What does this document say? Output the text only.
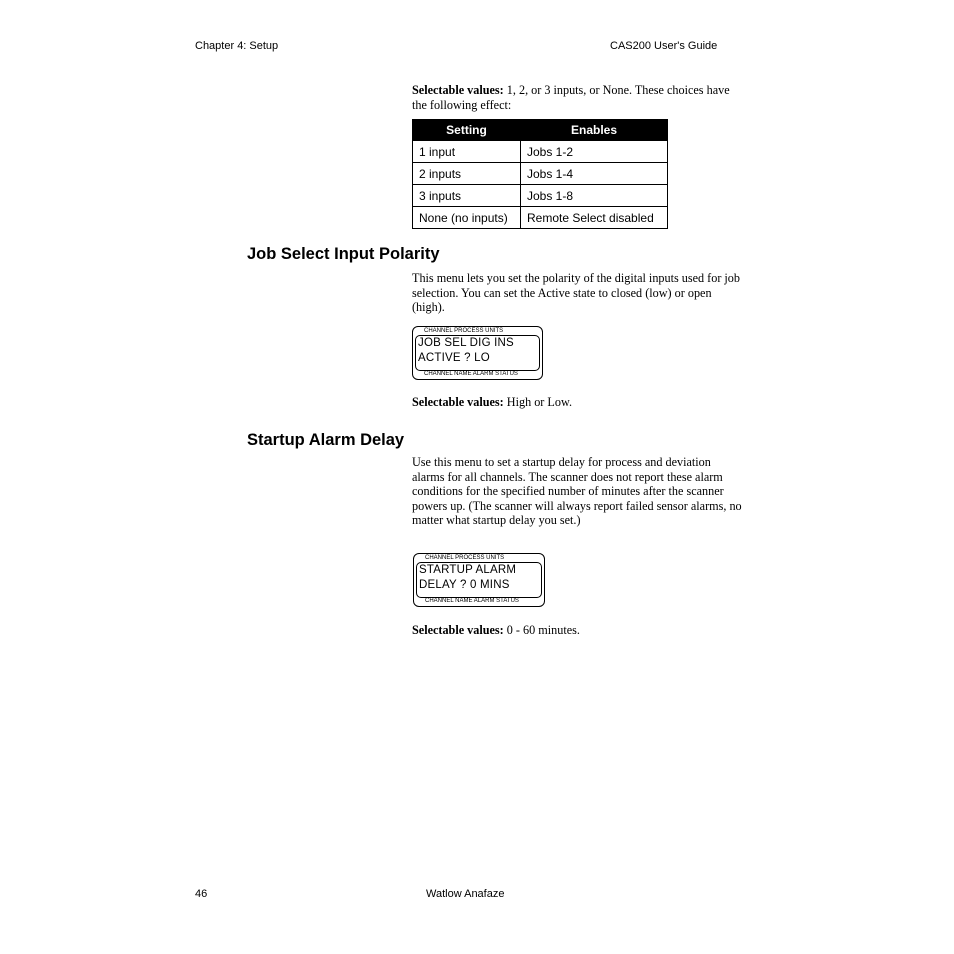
Chapter 4: Setup	CAS200 User's Guide
Selectable values: 1, 2, or 3 inputs, or None. These choices have the following effect:
Setting	Enables
1 input	Jobs 1-2
2 inputs	Jobs 1-4
3 inputs	Jobs 1-8
None (no inputs)	Remote Select disabled
Job Select Input Polarity
This menu lets you set the polarity of the digital inputs used for job selection. You can set the Active state to closed (low) or open (high).
CHANNEL PROCESS UNITS
JOB SEL DIG INS
ACTIVE ? LO
CHANNEL NAME ALARM STATUS
Selectable values: High or Low.
Startup Alarm Delay
Use this menu to set a startup delay for process and deviation alarms for all channels. The scanner does not report these alarm conditions for the specified number of minutes after the scanner powers up. (The scanner will always report failed sensor alarms, no matter what startup delay you set.)
CHANNEL PROCESS UNITS
STARTUP ALARM
DELAY ? 0 MINS
CHANNEL NAME ALARM STATUS
Selectable values: 0 - 60 minutes.
46	Watlow Anafaze
